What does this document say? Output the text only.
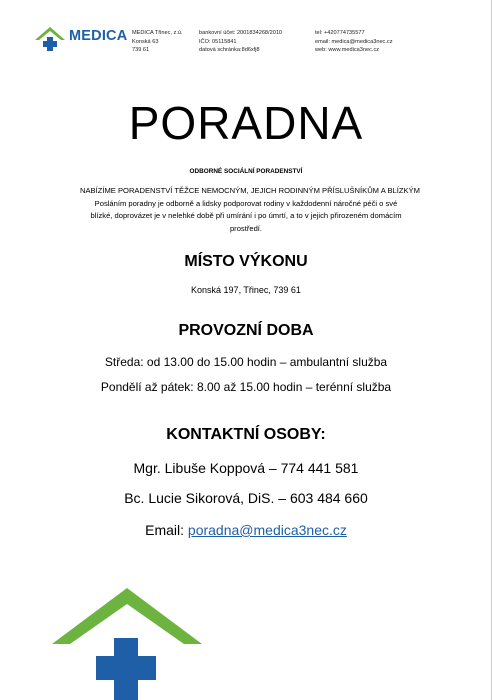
MEDICA MEDICA Třinec, z.ú.
Konská 63
739 61
bankovní účet: 2001834268/2010
IČO: 05115841
datová schránka:8d6xfj8
tel: +420774735577
email: medica@medica3nec.cz
web: www.medica3nec.cz
PORADNA
ODBORNÉ SOCIÁLNÍ PORADENSTVÍ
NABÍZÍME PORADENSTVÍ TĚŽCE NEMOCNÝM, JEJICH RODINNÝM PŘÍSLUŠNÍKŮM A BLÍZKÝM
Posláním poradny je odborně a lidsky podporovat rodiny v každodenní náročné péči o své
blízké, doprovázet je v nelehké době při umírání i po úmrtí, a to v jejich přirozeném domácím
prostředí.
MÍSTO VÝKONU
Konská 197, Třinec, 739 61
PROVOZNÍ DOBA
Středa: od 13.00 do 15.00 hodin – ambulantní služba
Pondělí až pátek: 8.00 až 15.00 hodin – terénní služba
KONTAKTNÍ OSOBY:
Mgr. Libuše Koppová – 774 441 581
Bc. Lucie Sikorová, DiS. – 603 484 660
Email: poradna@medica3nec.cz
